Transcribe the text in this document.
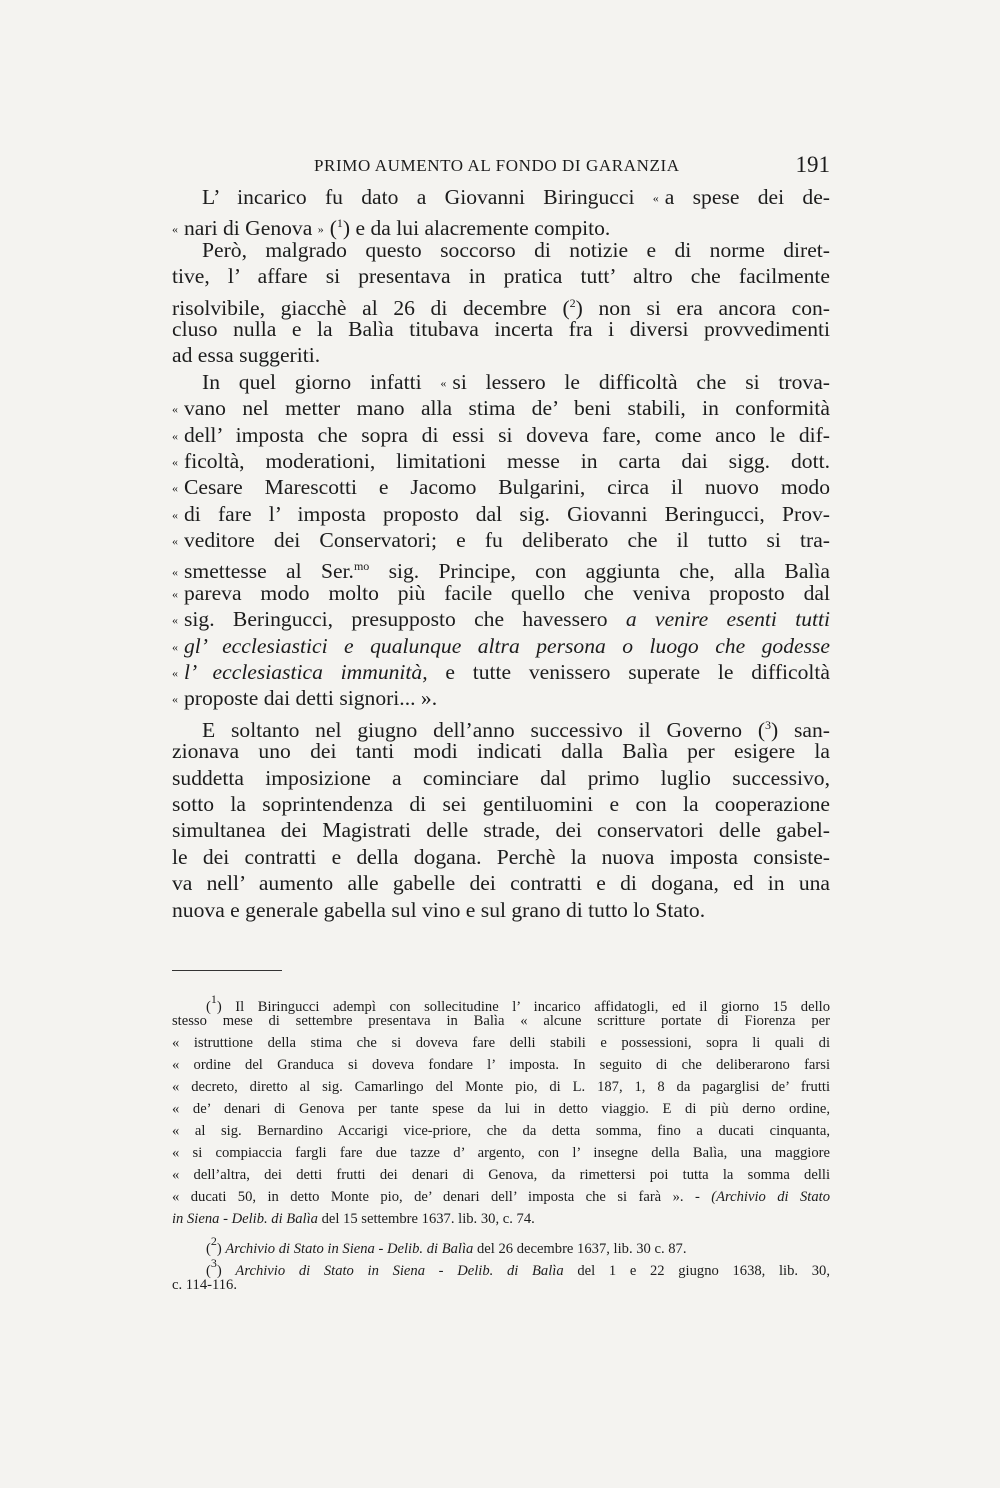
PRIMO AUMENTO AL FONDO DI GARANZIA	191
L’ incarico fu dato a Giovanni Biringucci « a spese dei de-
« nari di Genova » ($^1$) e da lui alacremente compito.
Però, malgrado questo soccorso di notizie e di norme diret-
tive, l’ affare si presentava in pratica tutt’ altro che facilmente
risolvibile, giacchè al 26 di decembre ($^2$) non si era ancora con-
cluso nulla e la Balìa titubava incerta fra i diversi provvedimenti
ad essa suggeriti.
In quel giorno infatti « si lessero le difficoltà che si trova-
« vano nel metter mano alla stima de’ beni stabili, in conformità
« dell’ imposta che sopra di essi si doveva fare, come anco le dif-
« ficoltà, moderationi, limitationi messe in carta dai sigg. dott.
« Cesare Marescotti e Jacomo Bulgarini, circa il nuovo modo
« di fare l’ imposta proposto dal sig. Giovanni Beringucci, Prov-
« veditore dei Conservatori; e fu deliberato che il tutto si tra-
« smettesse al Ser.$^{mo}$ sig. Principe, con aggiunta che, alla Balìa
« pareva modo molto più facile quello che veniva proposto dal
« sig. Beringucci, presupposto che havessero a venire esenti tutti
« gl’ ecclesiastici e qualunque altra persona o luogo che godesse
« l’ ecclesiastica immunità, e tutte venissero superate le difficoltà
« proposte dai detti signori... ».
E soltanto nel giugno dell’anno successivo il Governo ($^3$) san-
zionava uno dei tanti modi indicati dalla Balìa per esigere la
suddetta imposizione a cominciare dal primo luglio successivo,
sotto la soprintendenza di sei gentiluomini e con la cooperazione
simultanea dei Magistrati delle strade, dei conservatori delle gabel-
le dei contratti e della dogana. Perchè la nuova imposta consiste-
va nell’ aumento alle gabelle dei contratti e di dogana, ed in una
nuova e generale gabella sul vino e sul grano di tutto lo Stato.
($^1$) Il Biringucci adempì con sollecitudine l’ incarico affidatogli, ed il giorno 15 dello
stesso mese di settembre presentava in Balìa « alcune scritture portate di Fiorenza per
« istruttione della stima che si doveva fare delli stabili e possessioni, sopra li quali di
« ordine del Granduca si doveva fondare l’ imposta. In seguito di che deliberarono farsi
« decreto, diretto al sig. Camarlingo del Monte pio, di L. 187, 1, 8 da pagarglisi de’ frutti
« de’ denari di Genova per tante spese da lui in detto viaggio. E di più derno ordine,
« al sig. Bernardino Accarigi vice-priore, che da detta somma, fino a ducati cinquanta,
« si compiaccia fargli fare due tazze d’ argento, con l’ insegne della Balìa, una maggiore
« dell’altra, dei detti frutti dei denari di Genova, da rimettersi poi tutta la somma delli
« ducati 50, in detto Monte pio, de’ denari dell’ imposta che si farà ». - (Archivio di Stato
in Siena - Delib. di Balìa del 15 settembre 1637. lib. 30, c. 74.
($^2$) Archivio di Stato in Siena - Delib. di Balìa del 26 decembre 1637, lib. 30 c. 87.
($^3$) Archivio di Stato in Siena - Delib. di Balìa del 1 e 22 giugno 1638, lib. 30,
c. 114-116.
